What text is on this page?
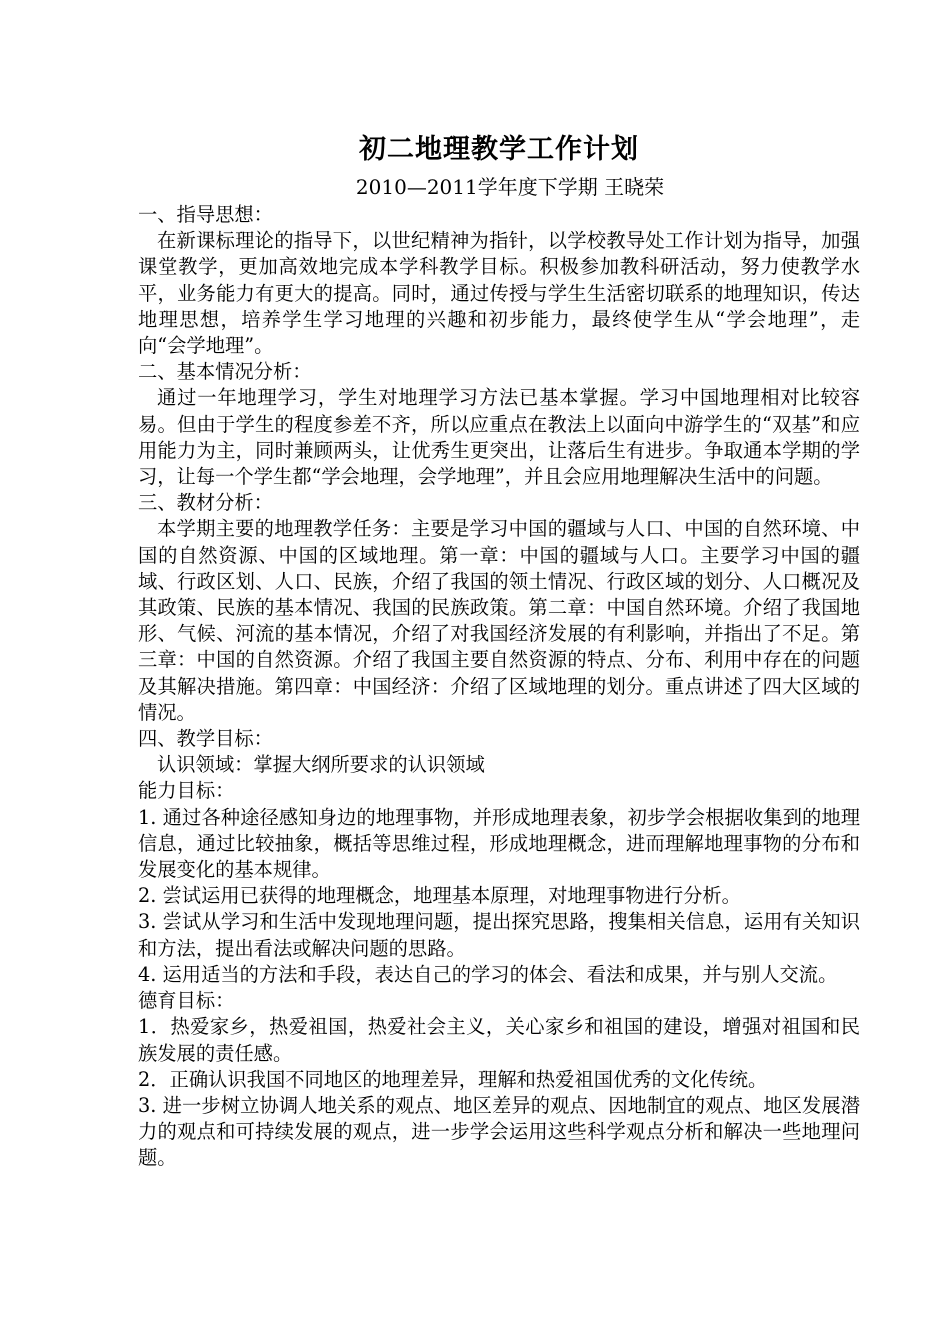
初二地理教学工作计划

2010—2011学年度下学期 王晓荣

一、指导思想：

在新课标理论的指导下，以世纪精神为指针，以学校教导处工作计划为指导，加强课堂教学，更加高效地完成本学科教学目标。积极参加教科研活动，努力使教学水平，业务能力有更大的提高。同时，通过传授与学生生活密切联系的地理知识，传达地理思想，培养学生学习地理的兴趣和初步能力，最终使学生从“学会地理”，走向“会学地理”。

二、基本情况分析：

通过一年地理学习，学生对地理学习方法已基本掌握。学习中国地理相对比较容易。但由于学生的程度参差不齐，所以应重点在教法上以面向中游学生的“双基”和应用能力为主，同时兼顾两头，让优秀生更突出，让落后生有进步。争取通本学期的学习，让每一个学生都“学会地理，会学地理”，并且会应用地理解决生活中的问题。

三、教材分析：

本学期主要的地理教学任务：主要是学习中国的疆域与人口、中国的自然环境、中国的自然资源、中国的区域地理。第一章：中国的疆域与人口。主要学习中国的疆域、行政区划、人口、民族，介绍了我国的领土情况、行政区域的划分、人口概况及其政策、民族的基本情况、我国的民族政策。第二章：中国自然环境。介绍了我国地形、气候、河流的基本情况，介绍了对我国经济发展的有利影响，并指出了不足。第三章：中国的自然资源。介绍了我国主要自然资源的特点、分布、利用中存在的问题及其解决措施。第四章：中国经济：介绍了区域地理的划分。重点讲述了四大区域的情况。

四、教学目标：

认识领域：掌握大纲所要求的认识领域

能力目标：

1. 通过各种途径感知身边的地理事物，并形成地理表象，初步学会根据收集到的地理信息，通过比较抽象，概括等思维过程，形成地理概念，进而理解地理事物的分布和发展变化的基本规律。

2. 尝试运用已获得的地理概念，地理基本原理，对地理事物进行分析。

3. 尝试从学习和生活中发现地理问题，提出探究思路，搜集相关信息，运用有关知识和方法，提出看法或解决问题的思路。

4. 运用适当的方法和手段，表达自己的学习的体会、看法和成果，并与别人交流。

德育目标：

1．热爱家乡，热爱祖国，热爱社会主义，关心家乡和祖国的建设，增强对祖国和民族发展的责任感。

2．正确认识我国不同地区的地理差异，理解和热爱祖国优秀的文化传统。

3. 进一步树立协调人地关系的观点、地区差异的观点、因地制宜的观点、地区发展潜力的观点和可持续发展的观点，进一步学会运用这些科学观点分析和解决一些地理问题。
